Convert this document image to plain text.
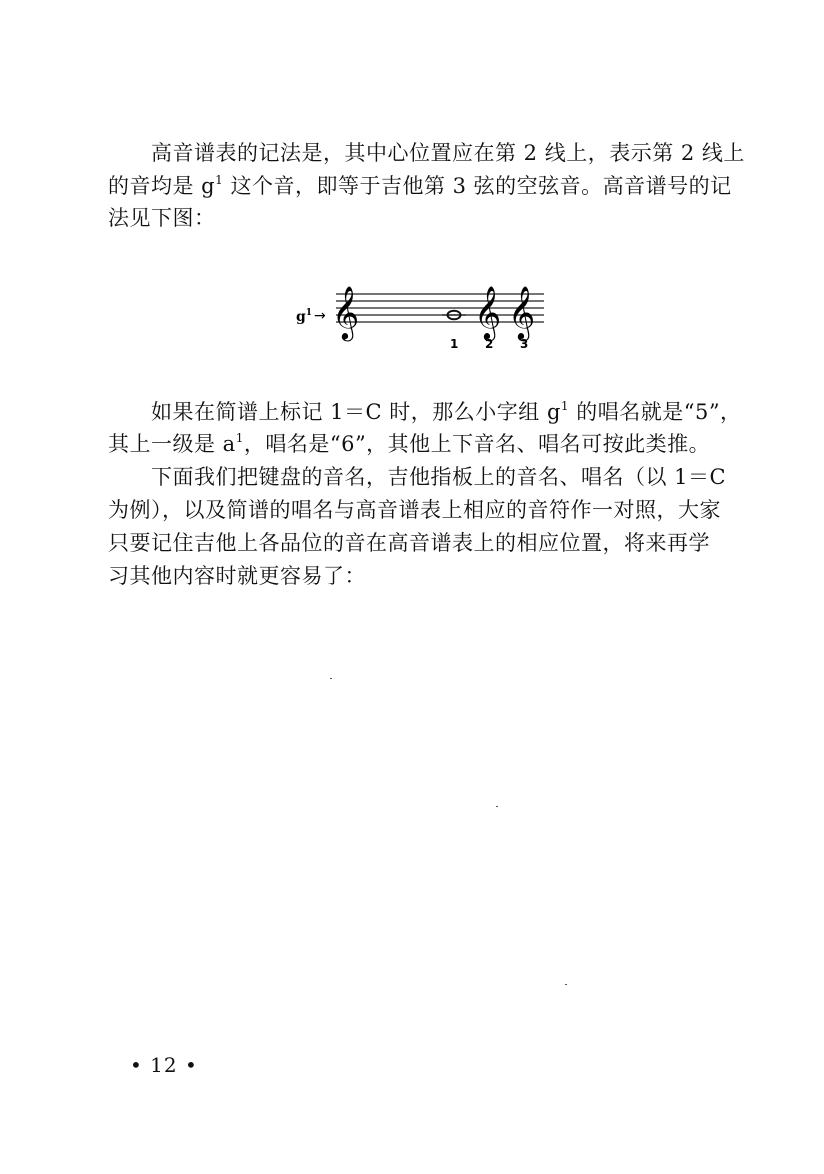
高音谱表的记法是，其中心位置应在第 2 线上，表示第 2 线上
的音均是 $g^1$ 这个音，即等于吉他第 3 弦的空弦音。高音谱号的记
法见下图：
$g^1$ → 𝄞 𝄞 𝄞
1 2 3
如果在简谱上标记 1＝C 时，那么小字组 $g^1$ 的唱名就是“5”，
其上一级是 $a^1$，唱名是“6”，其他上下音名、唱名可按此类推。
下面我们把键盘的音名，吉他指板上的音名、唱名（以 1＝C
为例），以及简谱的唱名与高音谱表上相应的音符作一对照，大家
只要记住吉他上各品位的音在高音谱表上的相应位置，将来再学
习其他内容时就更容易了：
• 12 •
